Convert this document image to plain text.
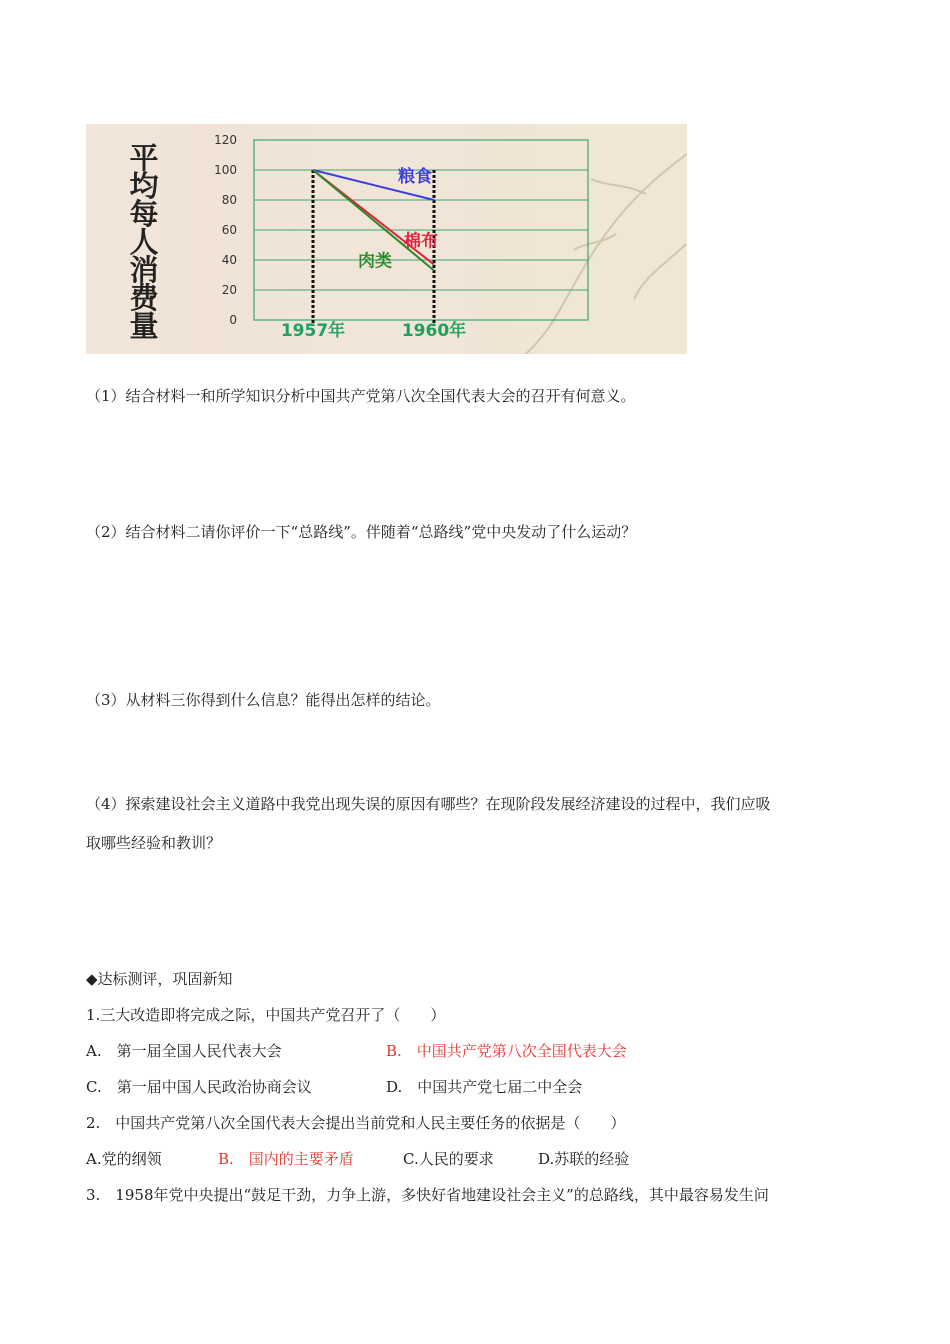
120
100
80
60
40
20
0
1957年	1960年
粮食
棉布
肉类
平
均
每
人
消
费
量
（1）结合材料一和所学知识分析中国共产党第八次全国代表大会的召开有何意义。
（2）结合材料二请你评价一下“总路线”。伴随着“总路线”党中央发动了什么运动？
（3）从材料三你得到什么信息？能得出怎样的结论。
（4）探索建设社会主义道路中我党出现失误的原因有哪些？在现阶段发展经济建设的过程中，我们应吸
取哪些经验和教训？
◆达标测评，巩固新知
1.三大改造即将完成之际，中国共产党召开了（　　）
A.　第一届全国人民代表大会	B.　中国共产党第八次全国代表大会
C.　第一届中国人民政治协商会议	D.　中国共产党七届二中全会
2.　中国共产党第八次全国代表大会提出当前党和人民主要任务的依据是（　　）
A.党的纲领	B.　国内的主要矛盾	C.人民的要求	D.苏联的经验
3.　1958年党中央提出“鼓足干劲，力争上游，多快好省地建设社会主义”的总路线，其中最容易发生问
